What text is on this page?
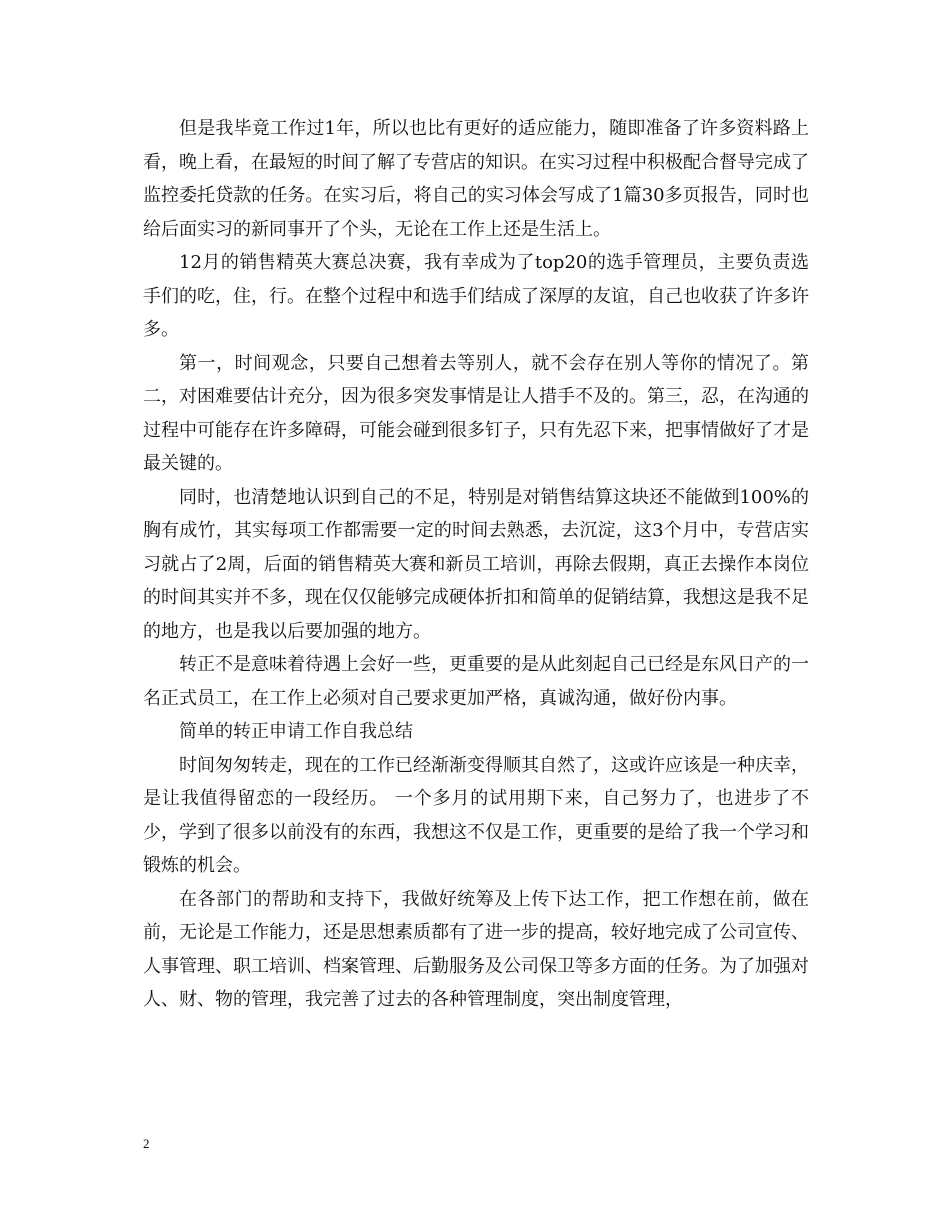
但是我毕竟工作过1年，所以也比有更好的适应能力，随即准备了许多资料路上看，晚上看，在最短的时间了解了专营店的知识。在实习过程中积极配合督导完成了监控委托贷款的任务。在实习后，将自己的实习体会写成了1篇30多页报告，同时也给后面实习的新同事开了个头，无论在工作上还是生活上。

12月的销售精英大赛总决赛，我有幸成为了top20的选手管理员，主要负责选手们的吃，住，行。在整个过程中和选手们结成了深厚的友谊，自己也收获了许多许多。

第一，时间观念，只要自己想着去等别人，就不会存在别人等你的情况了。第二，对困难要估计充分，因为很多突发事情是让人措手不及的。第三，忍，在沟通的过程中可能存在许多障碍，可能会碰到很多钉子，只有先忍下来，把事情做好了才是最关键的。

同时，也清楚地认识到自己的不足，特别是对销售结算这块还不能做到100%的胸有成竹，其实每项工作都需要一定的时间去熟悉，去沉淀，这3个月中，专营店实习就占了2周，后面的销售精英大赛和新员工培训，再除去假期，真正去操作本岗位的时间其实并不多，现在仅仅能够完成硬体折扣和简单的促销结算，我想这是我不足的地方，也是我以后要加强的地方。

转正不是意味着待遇上会好一些，更重要的是从此刻起自己已经是东风日产的一名正式员工，在工作上必须对自己要求更加严格，真诚沟通，做好份内事。

简单的转正申请工作自我总结

时间匆匆转走，现在的工作已经渐渐变得顺其自然了，这或许应该是一种庆幸，是让我值得留恋的一段经历。 一个多月的试用期下来，自己努力了，也进步了不少，学到了很多以前没有的东西，我想这不仅是工作，更重要的是给了我一个学习和锻炼的机会。

在各部门的帮助和支持下，我做好统筹及上传下达工作，把工作想在前，做在前，无论是工作能力，还是思想素质都有了进一步的提高，较好地完成了公司宣传、人事管理、职工培训、档案管理、后勤服务及公司保卫等多方面的任务。为了加强对人、财、物的管理，我完善了过去的各种管理制度，突出制度管理，

2
